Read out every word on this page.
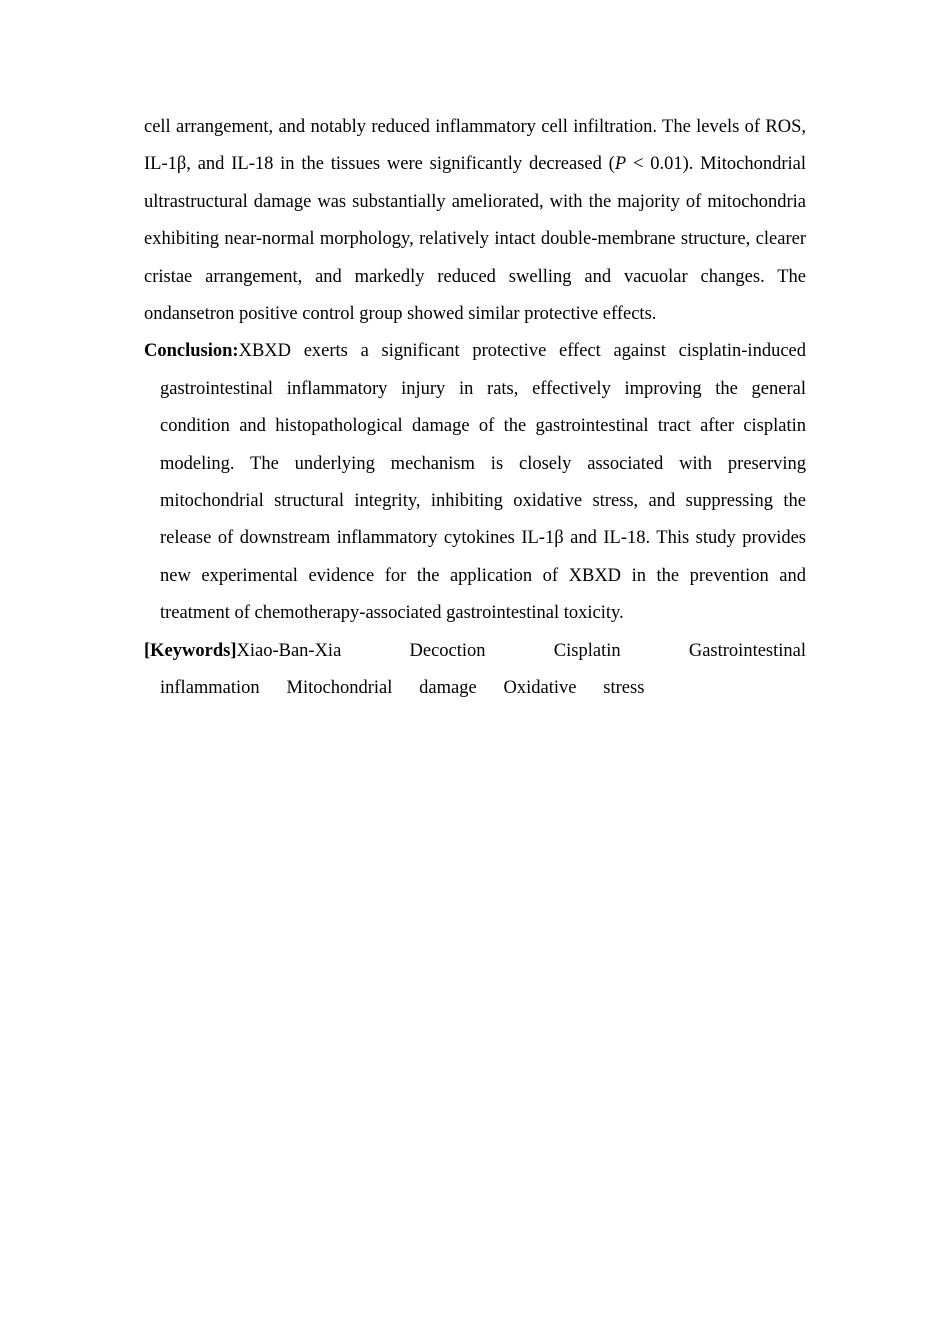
cell arrangement, and notably reduced inflammatory cell infiltration. The levels of ROS, IL-1β, and IL-18 in the tissues were significantly decreased (P < 0.01). Mitochondrial ultrastructural damage was substantially ameliorated, with the majority of mitochondria exhibiting near-normal morphology, relatively intact double-membrane structure, clearer cristae arrangement, and markedly reduced swelling and vacuolar changes. The ondansetron positive control group showed similar protective effects.

Conclusion:XBXD exerts a significant protective effect against cisplatin-induced gastrointestinal inflammatory injury in rats, effectively improving the general condition and histopathological damage of the gastrointestinal tract after cisplatin modeling. The underlying mechanism is closely associated with preserving mitochondrial structural integrity, inhibiting oxidative stress, and suppressing the release of downstream inflammatory cytokines IL-1β and IL-18. This study provides new experimental evidence for the application of XBXD in the prevention and treatment of chemotherapy-associated gastrointestinal toxicity.

[Keywords]Xiao-Ban-Xia Decoction Cisplatin Gastrointestinal inflammation Mitochondrial damage Oxidative stress
